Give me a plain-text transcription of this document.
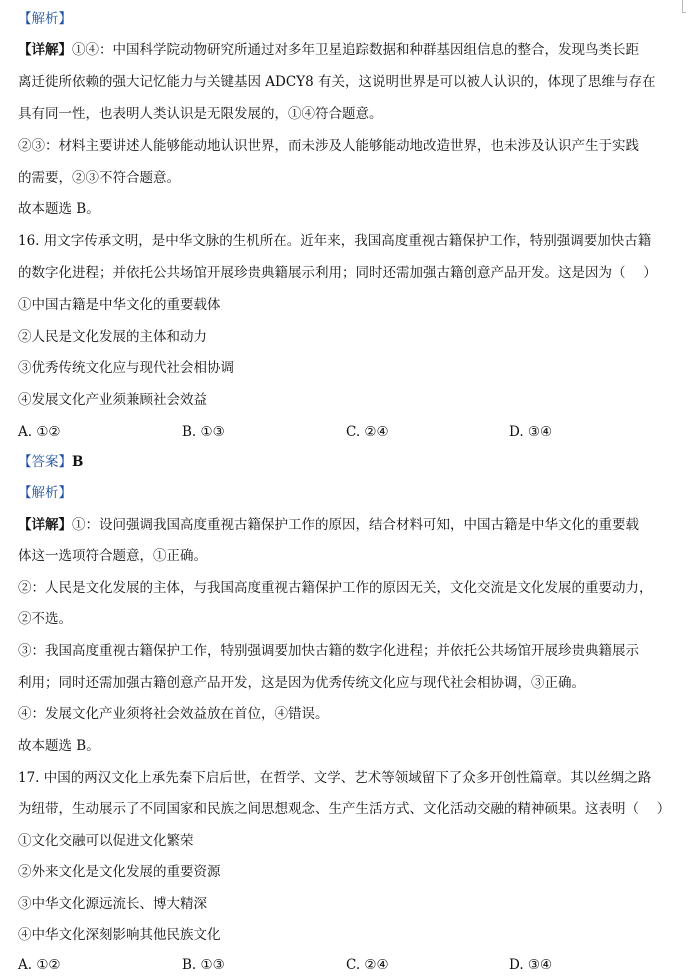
【解析】
【详解】①④：中国科学院动物研究所通过对多年卫星追踪数据和种群基因组信息的整合，发现鸟类长距
离迁徙所依赖的强大记忆能力与关键基因 ADCY8 有关，这说明世界是可以被人认识的，体现了思维与存在
具有同一性，也表明人类认识是无限发展的，①④符合题意。
②③：材料主要讲述人能够能动地认识世界，而未涉及人能够能动地改造世界，也未涉及认识产生于实践
的需要，②③不符合题意。
故本题选 B。
16. 用文字传承文明，是中华文脉的生机所在。近年来，我国高度重视古籍保护工作，特别强调要加快古籍
的数字化进程；并依托公共场馆开展珍贵典籍展示利用；同时还需加强古籍创意产品开发。这是因为（　 ）
①中国古籍是中华文化的重要载体
②人民是文化发展的主体和动力
③优秀传统文化应与现代社会相协调
④发展文化产业须兼顾社会效益
A. ①②	B. ①③	C. ②④	D. ③④
【答案】B
【解析】
【详解】①：设问强调我国高度重视古籍保护工作的原因，结合材料可知，中国古籍是中华文化的重要载
体这一选项符合题意，①正确。
②：人民是文化发展的主体，与我国高度重视古籍保护工作的原因无关，文化交流是文化发展的重要动力，
②不选。
③：我国高度重视古籍保护工作，特别强调要加快古籍的数字化进程；并依托公共场馆开展珍贵典籍展示
利用；同时还需加强古籍创意产品开发，这是因为优秀传统文化应与现代社会相协调，③正确。
④：发展文化产业须将社会效益放在首位，④错误。
故本题选 B。
17. 中国的两汉文化上承先秦下启后世，在哲学、文学、艺术等领域留下了众多开创性篇章。其以丝绸之路
为纽带，生动展示了不同国家和民族之间思想观念、生产生活方式、文化活动交融的精神硕果。这表明（　 ）
①文化交融可以促进文化繁荣
②外来文化是文化发展的重要资源
③中华文化源远流长、博大精深
④中华文化深刻影响其他民族文化
A. ①②	B. ①③	C. ②④	D. ③④
